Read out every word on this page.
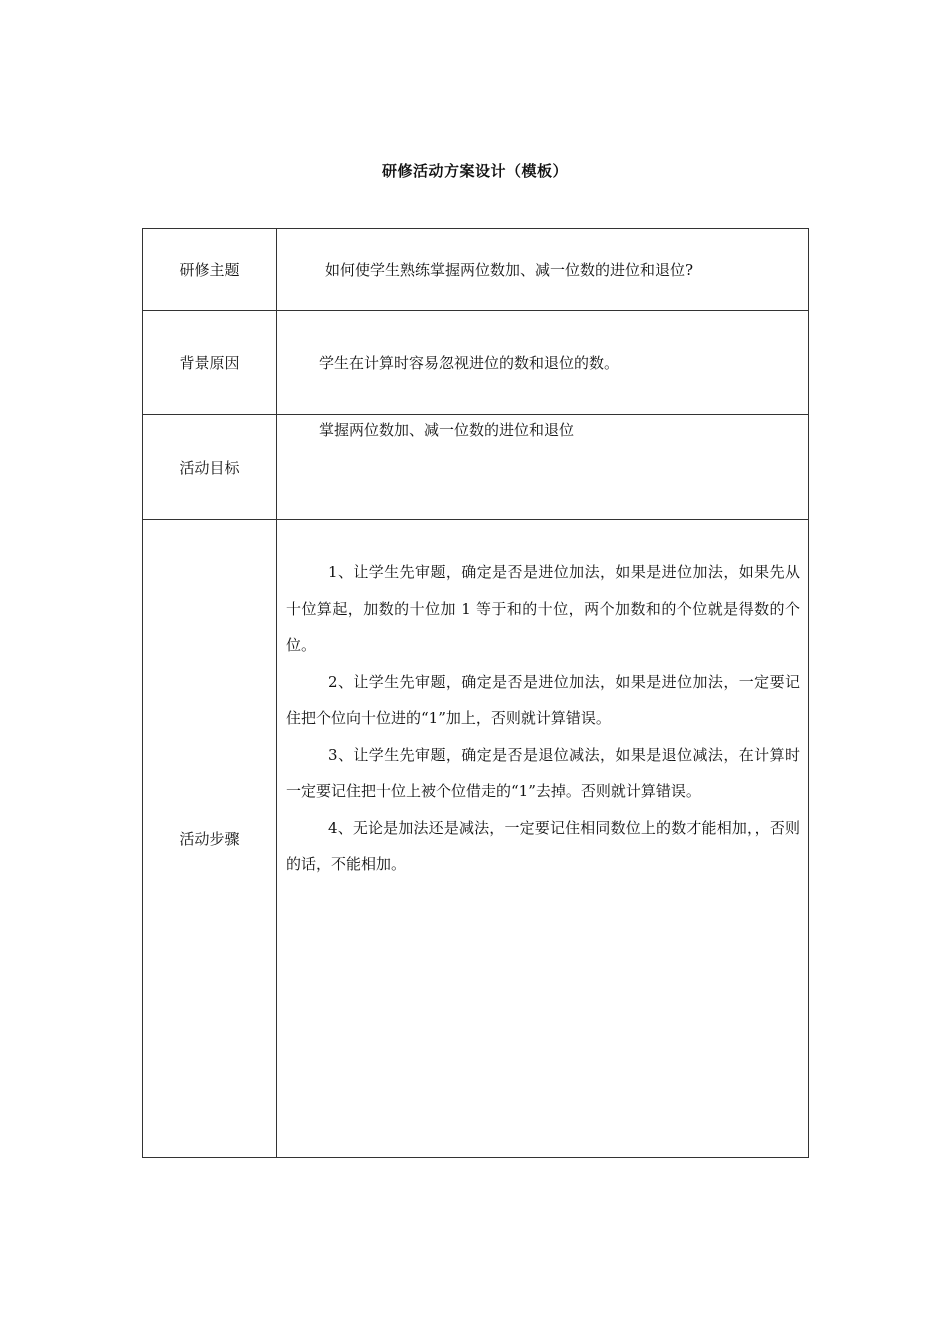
研修活动方案设计（模板）
研修主题	如何使学生熟练掌握两位数加、减一位数的进位和退位?

背景原因	学生在计算时容易忽视进位的数和退位的数。

活动目标	掌握两位数加、减一位数的进位和退位

活动步骤	1、让学生先审题，确定是否是进位加法，如果是进位加法，如果先从十位算起，加数的十位加 1 等于和的十位，两个加数和的个位就是得数的个位。

2、让学生先审题，确定是否是进位加法，如果是进位加法，一定要记住把个位向十位进的“1”加上，否则就计算错误。

3、让学生先审题，确定是否是退位减法，如果是退位减法，在计算时一定要记住把十位上被个位借走的“1”去掉。否则就计算错误。

4、无论是加法还是减法，一定要记住相同数位上的数才能相加，，否则的话，不能相加。
